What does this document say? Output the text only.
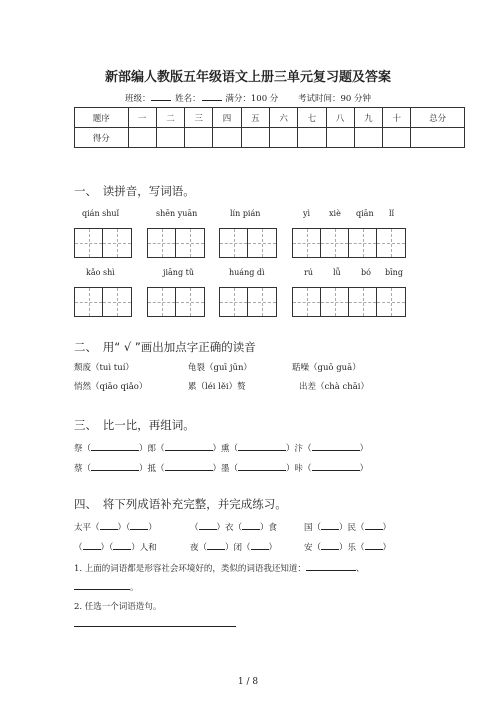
新部编人教版五年级语文上册三单元复习题及答案
班级：	姓名：	满分：100 分　　 考试时间：90 分钟
题序	一	二	三	四	五	六	七	八	九	十	总分
得分											
一、　读拼音，写词语。
qián shuǐ	shēn yuān	lín pián	yì xiè qiān lǐ
kǎo shì	jiāng tǔ	huáng dì	rú	lǚ	bó bīng
二、　用“ √ ”画出加点字正确的读音
颓废（tuì tuí）	龟裂（guī jūn）	聒噪（guō guā）
悄然（qiāo qiǎo）	累（léi lěi）赘	出差（chà chāi）
三、　比一比，再组词。
祭（	）郎（	）熏（	）汴（	）
蔡（	）抵（	）墨（	）咔（	）
四、　将下列成语补充完整，并完成练习。
太平（ ）（ ）	（ ）衣（ ）食	国（ ）民（ ）
（ ）（ ）人和	夜（ ）闭（ ）	安（ ）乐（ ）
1. 上面的词语都是形容社会环境好的，类似的词语我还知道：	、
。
2. 任选一个词语造句。
1 / 8
